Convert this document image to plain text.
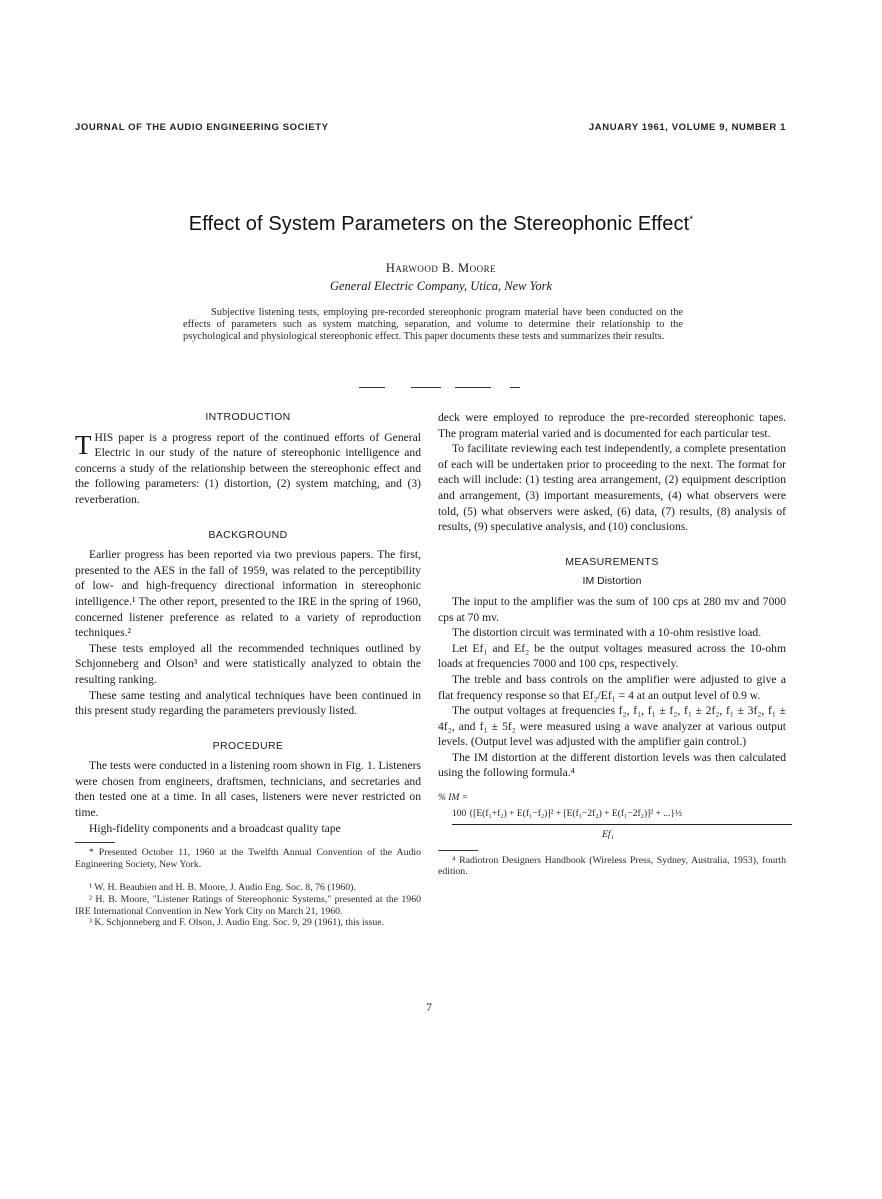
JOURNAL OF THE AUDIO ENGINEERING SOCIETY	JANUARY 1961, VOLUME 9, NUMBER 1
Effect of System Parameters on the Stereophonic Effect*
Harwood B. Moore
General Electric Company, Utica, New York
Subjective listening tests, employing pre-recorded stereophonic program material have been conducted on the effects of parameters such as system matching, separation, and volume to determine their relationship to the psychological and physiological stereophonic effect. This paper documents these tests and summarizes their results.
INTRODUCTION

THIS paper is a progress report of the continued efforts of General Electric in our study of the nature of stereophonic intelligence and concerns a study of the relationship between the stereophonic effect and the following parameters: (1) distortion, (2) system matching, and (3) reverberation.

BACKGROUND

Earlier progress has been reported via two previous papers. The first, presented to the AES in the fall of 1959, was related to the perceptibility of low- and high-frequency directional information in stereophonic intelligence.¹ The other report, presented to the IRE in the spring of 1960, concerned listener preference as related to a variety of reproduction techniques.²

These tests employed all the recommended techniques outlined by Schjonneberg and Olson³ and were statistically analyzed to obtain the resulting ranking.

These same testing and analytical techniques have been continued in this present study regarding the parameters previously listed.

PROCEDURE

The tests were conducted in a listening room shown in Fig. 1. Listeners were chosen from engineers, draftsmen, technicians, and secretaries and then tested one at a time. In all cases, listeners were never restricted on time.

High-fidelity components and a broadcast quality tape

* Presented October 11, 1960 at the Twelfth Annual Convention of the Audio Engineering Society, New York.

¹ W. H. Beaubien and H. B. Moore, J. Audio Eng. Soc. 8, 76 (1960).

² H. B. Moore, "Listener Ratings of Stereophonic Systems," presented at the 1960 IRE International Convention in New York City on March 21, 1960.

³ K. Schjonneberg and F. Olson, J. Audio Eng. Soc. 9, 29 (1961), this issue.

deck were employed to reproduce the pre-recorded stereophonic tapes. The program material varied and is documented for each particular test.

To facilitate reviewing each test independently, a complete presentation of each will be undertaken prior to proceeding to the next. The format for each will include: (1) testing area arrangement, (2) equipment description and arrangement, (3) important measurements, (4) what observers were told, (5) what observers were asked, (6) data, (7) results, (8) analysis of results, (9) speculative analysis, and (10) conclusions.

MEASUREMENTS
IM Distortion

The input to the amplifier was the sum of 100 cps at 280 mv and 7000 cps at 70 mv.

The distortion circuit was terminated with a 10-ohm resistive load.

Let Ef₁ and Ef₂ be the output voltages measured across the 10-ohm loads at frequencies 7000 and 100 cps, respectively.

The treble and bass controls on the amplifier were adjusted to give a flat frequency response so that Ef₂/Ef₁ = 4 at an output level of 0.9 w.

The output voltages at frequencies f₂, f₁, f₁ ± f₂, f₁ ± 2f₂, f₁ ± 3f₂, f₁ ± 4f₂, and f₁ ± 5f₂ were measured using a wave analyzer at various output levels. (Output level was adjusted with the amplifier gain control.)

The IM distortion at the different distortion levels was then calculated using the following formula.⁴

% IM =
100 {[E(f₁+f₂) + E(f₁−f₂)]² + [E(f₁−2f₂) + E(f₁−2f₂)]² + ...}½
Ef₁

⁴ Radiotron Designers Handbook (Wireless Press, Sydney, Australia, 1953), fourth edition.

7
